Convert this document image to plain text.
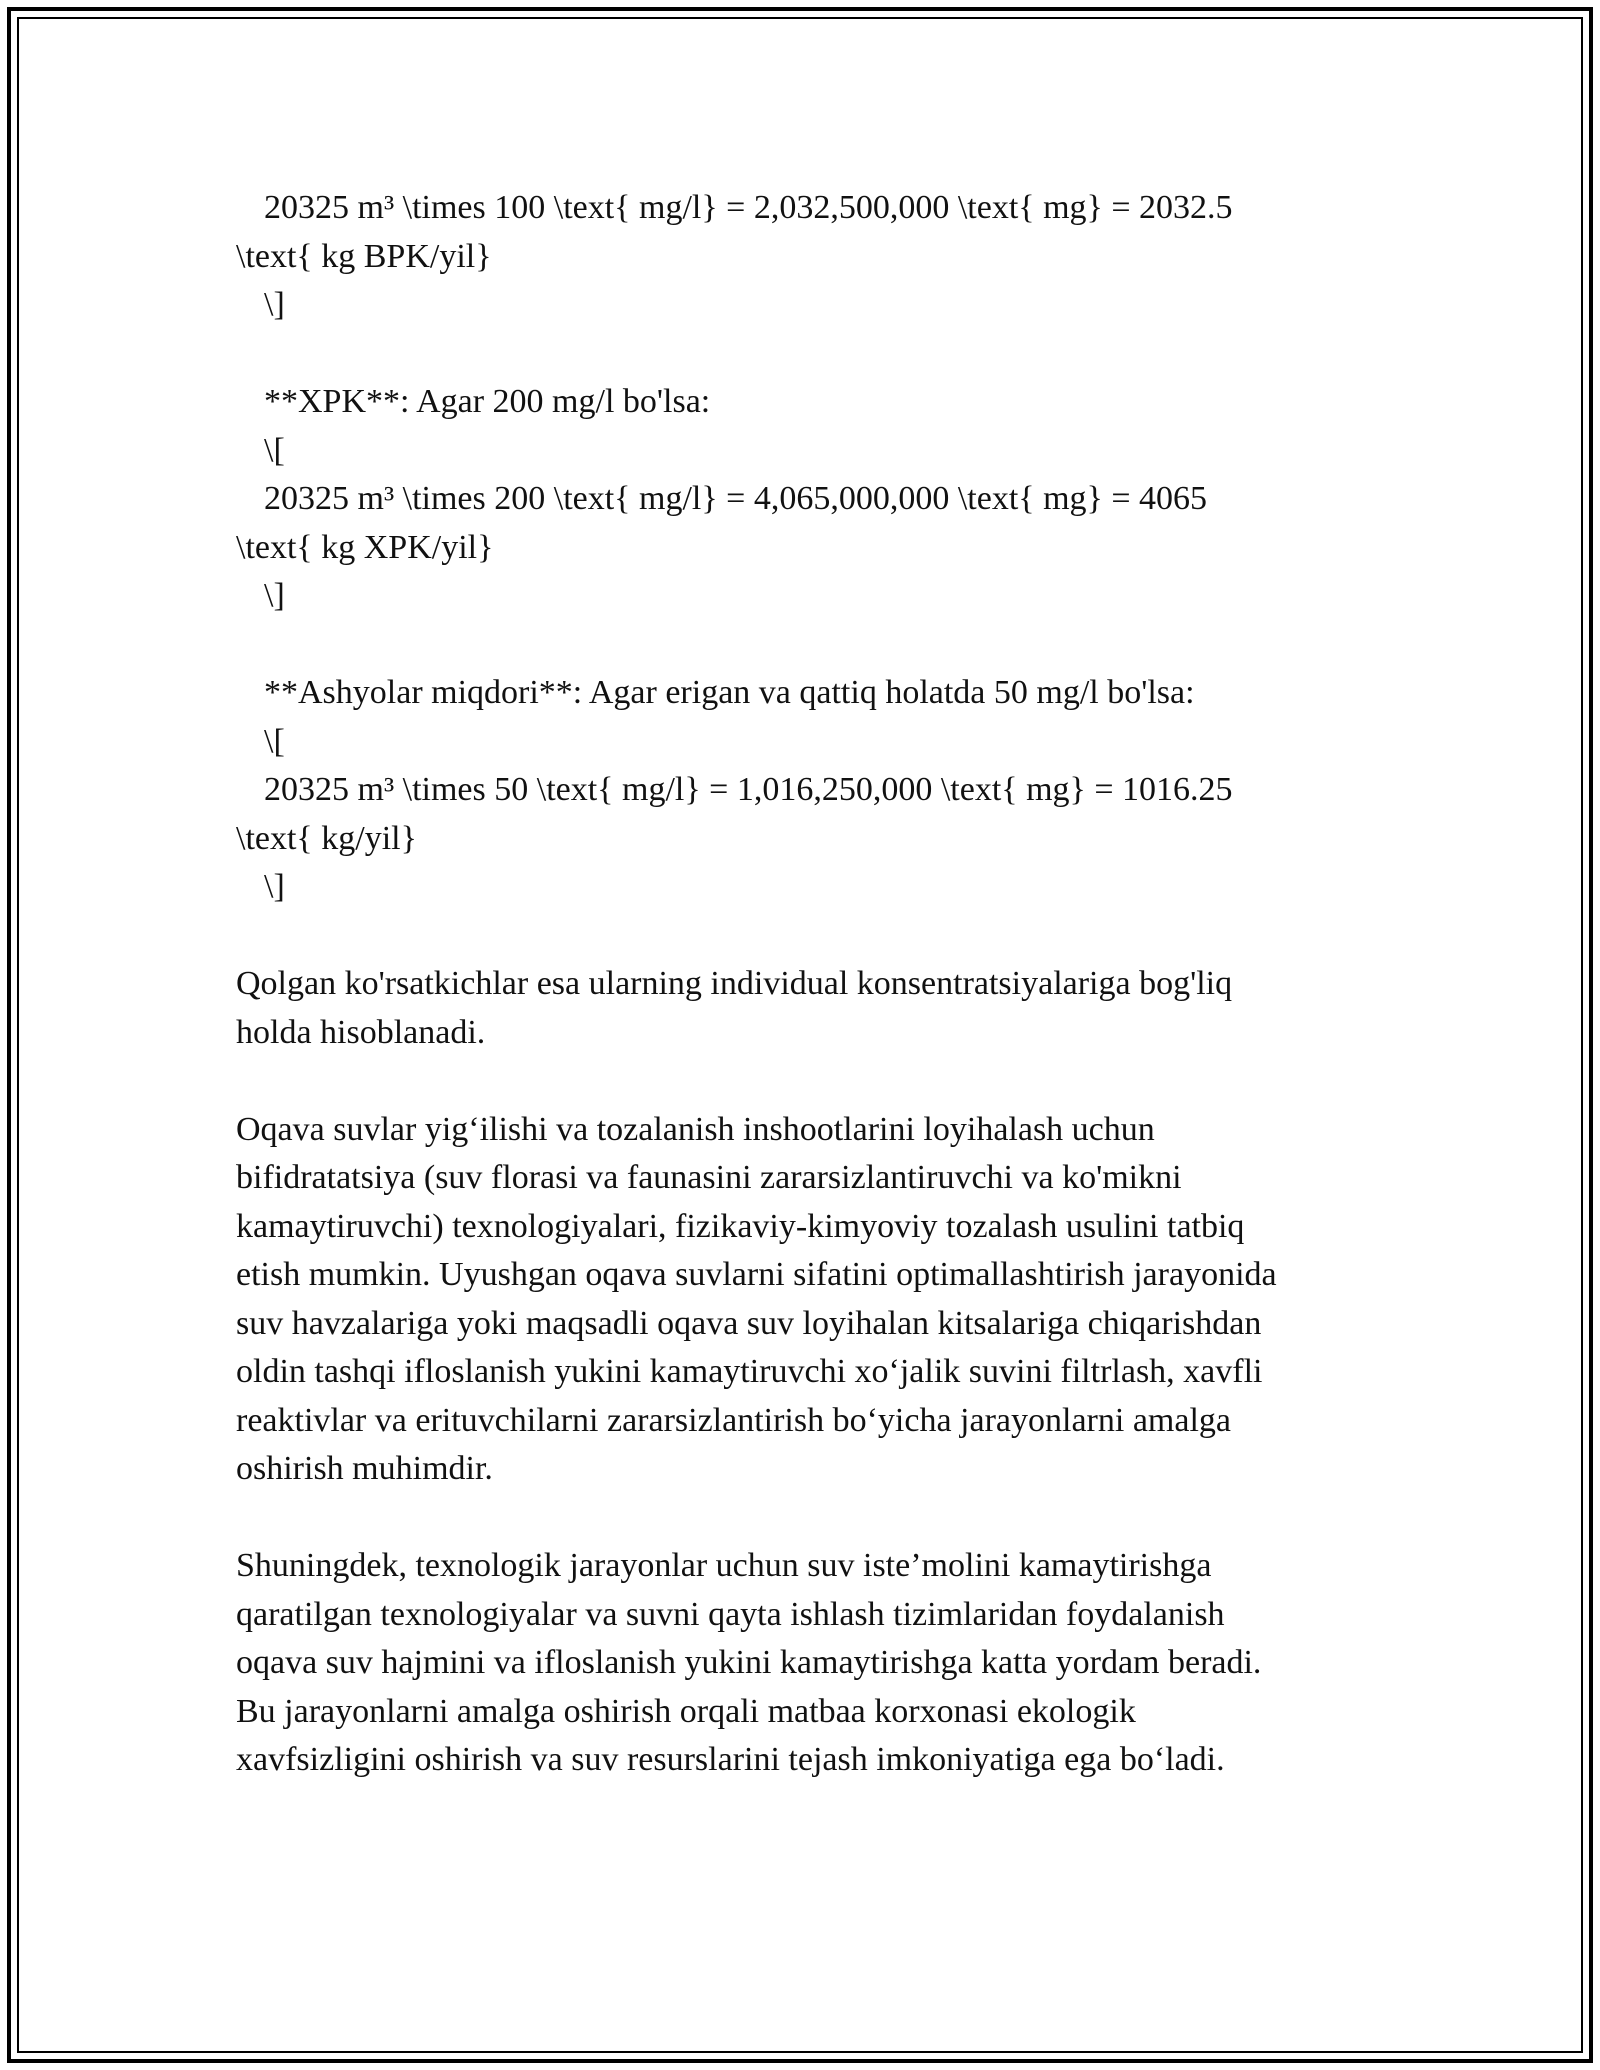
20325 m³ \times 100 \text{ mg/l} = 2,032,500,000 \text{ mg} = 2032.5
\text{ kg BPK/yil}
\]
**XPK**: Agar 200 mg/l bo'lsa:
\[
20325 m³ \times 200 \text{ mg/l} = 4,065,000,000 \text{ mg} = 4065
\text{ kg XPK/yil}
\]
**Ashyolar miqdori**: Agar erigan va qattiq holatda 50 mg/l bo'lsa:
\[
20325 m³ \times 50 \text{ mg/l} = 1,016,250,000 \text{ mg} = 1016.25
\text{ kg/yil}
\]
Qolgan ko'rsatkichlar esa ularning individual konsentratsiyalariga bog'liq
holda hisoblanadi.
Oqava suvlar yig‘ilishi va tozalanish inshootlarini loyihalash uchun
bifidratatsiya (suv florasi va faunasini zararsizlantiruvchi va ko'mikni
kamaytiruvchi) texnologiyalari, fizikaviy-kimyoviy tozalash usulini tatbiq
etish mumkin. Uyushgan oqava suvlarni sifatini optimallashtirish jarayonida
suv havzalariga yoki maqsadli oqava suv loyihalan kitsalariga chiqarishdan
oldin tashqi ifloslanish yukini kamaytiruvchi xo‘jalik suvini filtrlash, xavfli
reaktivlar va erituvchilarni zararsizlantirish bo‘yicha jarayonlarni amalga
oshirish muhimdir.
Shuningdek, texnologik jarayonlar uchun suv iste’molini kamaytirishga
qaratilgan texnologiyalar va suvni qayta ishlash tizimlaridan foydalanish
oqava suv hajmini va ifloslanish yukini kamaytirishga katta yordam beradi.
Bu jarayonlarni amalga oshirish orqali matbaa korxonasi ekologik
xavfsizligini oshirish va suv resurslarini tejash imkoniyatiga ega bo‘ladi.
